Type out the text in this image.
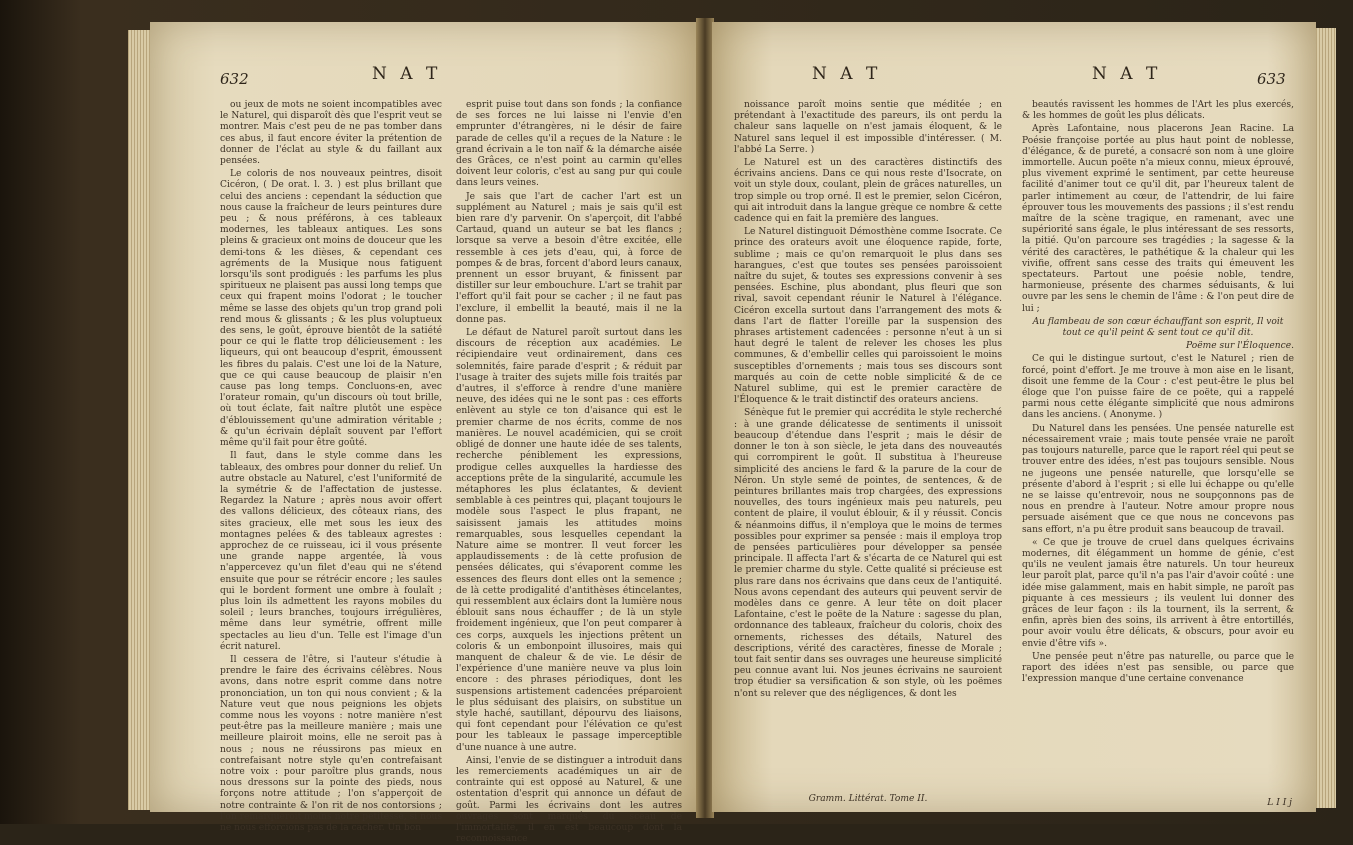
632	N A T

ou jeux de mots ne soient incompatibles avec le Naturel, qui disparoît dès que l'esprit veut se montrer. Mais c'est peu de ne pas tomber dans ces abus, il faut encore éviter la prétention de donner de l'éclat au style & du faillant aux pensées.

Le coloris de nos nouveaux peintres, disoit Cicéron, ( De orat. l. 3. ) est plus brillant que celui des anciens : cependant la séduction que nous cause la fraîcheur de leurs peintures dure peu ; & nous préférons, à ces tableaux modernes, les tableaux antiques. Les sons pleins & gracieux ont moins de douceur que les demi-tons & les dièses, & cependant ces agréments de la Musique nous fatiguent lorsqu'ils sont prodigués : les parfums les plus spiritueux ne plaisent pas aussi long temps que ceux qui frapent moins l'odorat ; le toucher même se lasse des objets qu'un trop grand poli rend mous & glissants ; & les plus voluptueux des sens, le goût, éprouve bientôt de la satiété pour ce qui le flatte trop délicieusement : les liqueurs, qui ont beaucoup d'esprit, émoussent les fibres du palais. C'est une loi de la Nature, que ce qui cause beaucoup de plaisir n'en cause pas long temps. Concluons-en, avec l'orateur romain, qu'un discours où tout brille, où tout éclate, fait naître plutôt une espèce d'éblouissement qu'une admiration véritable ; & qu'un écrivain déplaît souvent par l'effort même qu'il fait pour être goûté.

Il faut, dans le style comme dans les tableaux, des ombres pour donner du relief. Un autre obstacle au Naturel, c'est l'uniformité de la symétrie & de l'affectation de justesse. Regardez la Nature ; après nous avoir offert des vallons délicieux, des côteaux rians, des sites gracieux, elle met sous les ieux des montagnes pelées & des tableaux agrestes : approchez de ce ruisseau, ici il vous présente une grande nappe argentée, là vous n'appercevez qu'un filet d'eau qui ne s'étend ensuite que pour se rétrécir encore ; les saules qui le bordent forment une ombre à foulaît ; plus loin ils admettent les rayons mobiles du soleil ; leurs branches, toujours irrégulières, même dans leur symétrie, offrent mille spectacles au lieu d'un. Telle est l'image d'un écrit naturel.

Il cessera de l'être, si l'auteur s'étudie à prendre le faire des écrivains célèbres. Nous avons, dans notre esprit comme dans notre prononciation, un ton qui nous convient ; & la Nature veut que nous peignions les objets comme nous les voyons : notre manière n'est peut-être pas la meilleure manière ; mais une meilleure plairoit moins, elle ne seroit pas à nous ; nous ne réussirons pas mieux en contrefaisant notre style qu'en contrefaisant notre voix : pour paroître plus grands, nous nous dressons sur la pointe des pieds, nous forçons notre attitude ; l'on s'apperçoit de notre contrainte & l'on rit de nos contorsions ; l'on remarqueroit moins notre petitesse, si nous ne nous efforcions pas de la cacher. Un bon

esprit puise tout dans son fonds ; la confiance de ses forces ne lui laisse ni l'envie d'en emprunter d'étrangères, ni le désir de faire parade de celles qu'il a reçues de la Nature : le grand écrivain a le ton naïf & la démarche aisée des Grâces, ce n'est point au carmin qu'elles doivent leur coloris, c'est au sang pur qui coule dans leurs veines.

Je sais que l'art de cacher l'art est un supplément au Naturel ; mais je sais qu'il est bien rare d'y parvenir. On s'aperçoit, dit l'abbé Cartaud, quand un auteur se bat les flancs ; lorsque sa verve a besoin d'être excitée, elle ressemble à ces jets d'eau, qui, à force de pompes & de bras, forcent d'abord leurs canaux, prennent un essor bruyant, & finissent par distiller sur leur embouchure. L'art se trahit par l'effort qu'il fait pour se cacher ; il ne faut pas l'exclure, il embellit la beauté, mais il ne la donne pas.

Le défaut de Naturel paroît surtout dans les discours de réception aux académies. Le récipiendaire veut ordinairement, dans ces solemnités, faire parade d'esprit ; & réduit par l'usage à traiter des sujets mille fois traités par d'autres, il s'efforce à rendre d'une manière neuve, des idées qui ne le sont pas : ces efforts enlèvent au style ce ton d'aisance qui est le premier charme de nos écrits, comme de nos manières. Le nouvel académicien, qui se croit obligé de donner une haute idée de ses talents, recherche péniblement les expressions, prodigue celles auxquelles la hardiesse des acceptions prête de la singularité, accumule les métaphores les plus éclatantes, & devient semblable à ces peintres qui, plaçant toujours le modèle sous l'aspect le plus frapant, ne saisissent jamais les attitudes moins remarquables, sous lesquelles cependant la Nature aime se montrer. Il veut forcer les applaudissements : de là cette profusion de pensées délicates, qui s'évaporent comme les essences des fleurs dont elles ont la semence ; de là cette prodigalité d'antithèses étincelantes, qui ressemblent aux éclairs dont la lumière nous éblouit sans nous échauffer ; de là un style froidement ingénieux, que l'on peut comparer à ces corps, auxquels les injections prêtent un coloris & un embonpoint illusoires, mais qui manquent de chaleur & de vie. Le désir de l'expérience d'une manière neuve va plus loin encore : des phrases périodiques, dont les suspensions artistement cadencées préparoient le plus séduisant des plaisirs, on substitue un style haché, sautillant, dépourvu des liaisons, qui font cependant pour l'élévation ce qu'est pour les tableaux le passage imperceptible d'une nuance à une autre.

Ainsi, l'envie de se distinguer a introduit dans les remerciements académiques un air de contrainte qui est opposé au Naturel, & une ostentation d'esprit qui annonce un défaut de goût. Parmi les écrivains dont les autres ouvrages sont marqués du sceau de l'immortalité, il en est beaucoup dont la reconnoissance

N A T	N A T	633

noissance paroît moins sentie que méditée ; en prétendant à l'exactitude des pareurs, ils ont perdu la chaleur sans laquelle on n'est jamais éloquent, & le Naturel sans lequel il est impossible d'intéresser. ( M. l'abbé La Serre. )

Le Naturel est un des caractères distinctifs des écrivains anciens. Dans ce qui nous reste d'Isocrate, on voit un style doux, coulant, plein de grâces naturelles, un trop simple ou trop orné. Il est le premier, selon Cicéron, qui ait introduit dans la langue grèque ce nombre & cette cadence qui en fait la première des langues.

Le Naturel distinguoit Démosthène comme Isocrate. Ce prince des orateurs avoit une éloquence rapide, forte, sublime ; mais ce qu'on remarquoit le plus dans ses harangues, c'est que toutes ses pensées paroissoient naître du sujet, & toutes ses expressions convenir à ses pensées. Eschine, plus abondant, plus fleuri que son rival, savoit cependant réunir le Naturel à l'élégance. Cicéron excella surtout dans l'arrangement des mots & dans l'art de flatter l'oreille par la suspension des phrases artistement cadencées : personne n'eut à un si haut degré le talent de relever les choses les plus communes, & d'embellir celles qui paroissoient le moins susceptibles d'ornements ; mais tous ses discours sont marqués au coin de cette noble simplicité & de ce Naturel sublime, qui est le premier caractère de l'Éloquence & le trait distinctif des orateurs anciens.

Sénèque fut le premier qui accrédita le style recherché : à une grande délicatesse de sentiments il unissoit beaucoup d'étendue dans l'esprit ; mais le désir de donner le ton à son siècle, le jeta dans des nouveautés qui corrompirent le goût. Il substitua à l'heureuse simplicité des anciens le fard & la parure de la cour de Néron. Un style semé de pointes, de sentences, & de peintures brillantes mais trop chargées, des expressions nouvelles, des tours ingénieux mais peu naturels, peu content de plaire, il voulut éblouir, & il y réussit. Concis & néanmoins diffus, il n'employa que le moins de termes possibles pour exprimer sa pensée : mais il employa trop de pensées particulières pour développer sa pensée principale. Il affecta l'art & s'écarta de ce Naturel qui est le premier charme du style. Cette qualité si précieuse est plus rare dans nos écrivains que dans ceux de l'antiquité. Nous avons cependant des auteurs qui peuvent servir de modèles dans ce genre. A leur tête on doit placer Lafontaine, c'est le poëte de la Nature : sagesse du plan, ordonnance des tableaux, fraîcheur du coloris, choix des ornements, richesses des détails, Naturel des descriptions, vérité des caractères, finesse de Morale ; tout fait sentir dans ses ouvrages une heureuse simplicité peu connue avant lui. Nos jeunes écrivains ne sauroient trop étudier sa versification & son style, où les poëmes n'ont su relever que des négligences, & dont les

Gramm. Littérat. Tome II.

beautés ravissent les hommes de l'Art les plus exercés, & les hommes de goût les plus délicats.

Après Lafontaine, nous placerons Jean Racine. La Poésie françoise portée au plus haut point de noblesse, d'élégance, & de pureté, a consacré son nom à une gloire immortelle. Aucun poëte n'a mieux connu, mieux éprouvé, plus vivement exprimé le sentiment, par cette heureuse facilité d'animer tout ce qu'il dit, par l'heureux talent de parler intimement au cœur, de l'attendrir, de lui faire éprouver tous les mouvements des passions ; il s'est rendu maître de la scène tragique, en ramenant, avec une supériorité sans égale, le plus intéressant de ses ressorts, la pitié. Qu'on parcoure ses tragédies ; la sagesse & la vérité des caractères, le pathétique & la chaleur qui les vivifie, offrent sans cesse des traits qui émeuvent les spectateurs. Partout une poésie noble, tendre, harmonieuse, présente des charmes séduisants, & lui ouvre par les sens le chemin de l'âme : & l'on peut dire de lui ;

Au flambeau de son cœur échauffant son esprit, Il voit tout ce qu'il peint & sent tout ce qu'il dit.

Poëme sur l'Éloquence.

Ce qui le distingue surtout, c'est le Naturel ; rien de forcé, point d'effort. Je me trouve à mon aise en le lisant, disoit une femme de la Cour : c'est peut-être le plus bel éloge que l'on puisse faire de ce poëte, qui a rappelé parmi nous cette élégante simplicité que nous admirons dans les anciens. ( Anonyme. )

Du Naturel dans les pensées. Une pensée naturelle est nécessairement vraie ; mais toute pensée vraie ne paroît pas toujours naturelle, parce que le raport réel qui peut se trouver entre des idées, n'est pas toujours sensible. Nous ne jugeons une pensée naturelle, que lorsqu'elle se présente d'abord à l'esprit ; si elle lui échappe ou qu'elle ne se laisse qu'entrevoir, nous ne soupçonnons pas de nous en prendre à l'auteur. Notre amour propre nous persuade aisément que ce que nous ne concevons pas sans effort, n'a pu être produit sans beaucoup de travail.

« Ce que je trouve de cruel dans quelques écrivains modernes, dit élégamment un homme de génie, c'est qu'ils ne veulent jamais être naturels. Un tour heureux leur paroît plat, parce qu'il n'a pas l'air d'avoir coûté : une idée mise galamment, mais en habit simple, ne paroît pas piquante à ces messieurs ; ils veulent lui donner des grâces de leur façon : ils la tournent, ils la serrent, & enfin, après bien des soins, ils arrivent à être entortillés, pour avoir voulu être délicats, & obscurs, pour avoir eu envie d'être vifs ».

Une pensée peut n'être pas naturelle, ou parce que le raport des idées n'est pas sensible, ou parce que l'expression manque d'une certaine convenance

L I I j
